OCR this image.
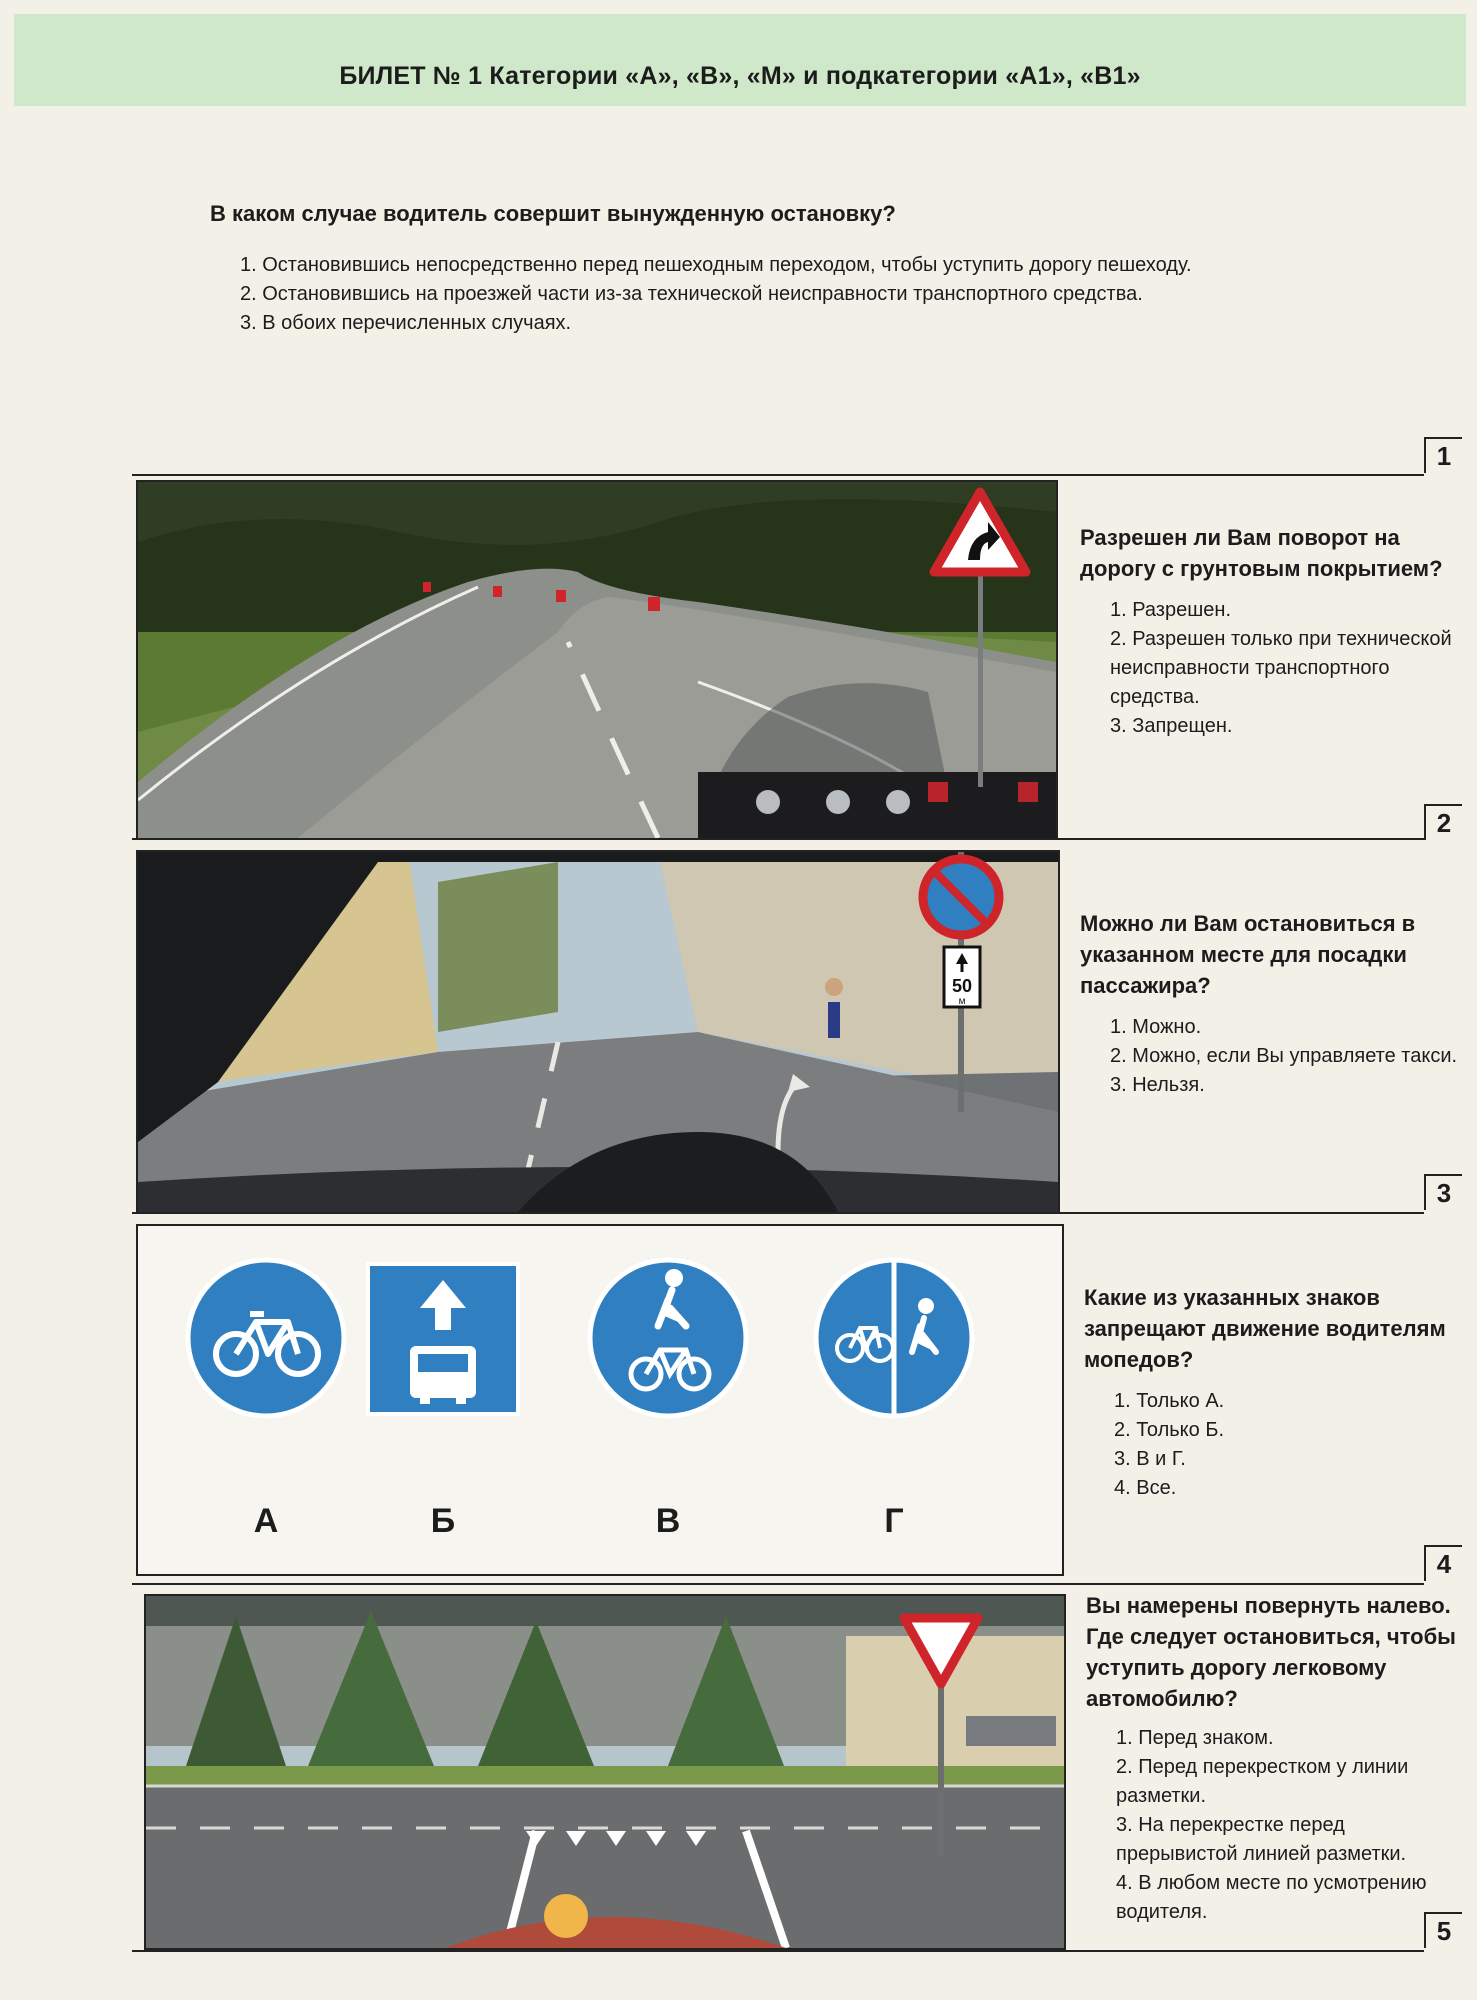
БИЛЕТ № 1 Категории «А», «В», «М» и подкатегории «А1», «В1»
В каком случае водитель совершит вынужденную остановку?
1. Остановившись непосредственно перед пешеходным переходом, чтобы уступить дорогу пешеходу.
2. Остановившись на проезжей части из-за технической неисправности транспортного средства.
3. В обоих перечисленных случаях.
1
Разрешен ли Вам поворот на дорогу с грунтовым покрытием?
1. Разрешен.
2. Разрешен только при технической неисправности транспортного средства.
3. Запрещен.
2
50
м
Можно ли Вам остановиться в указанном месте для посадки пассажира?
1. Можно.
2. Можно, если Вы управляете такси.
3. Нельзя.
3
А	Б	В	Г
Какие из указанных знаков запрещают движение водителям мопедов?
1. Только А.
2. Только Б.
3. В и Г.
4. Все.
4
Вы намерены повернуть налево. Где следует остановиться, чтобы уступить дорогу легковому автомобилю?
1. Перед знаком.
2. Перед перекрестком у линии разметки.
3. На перекрестке перед прерывистой линией разметки.
4. В любом месте по усмотрению водителя.
5
